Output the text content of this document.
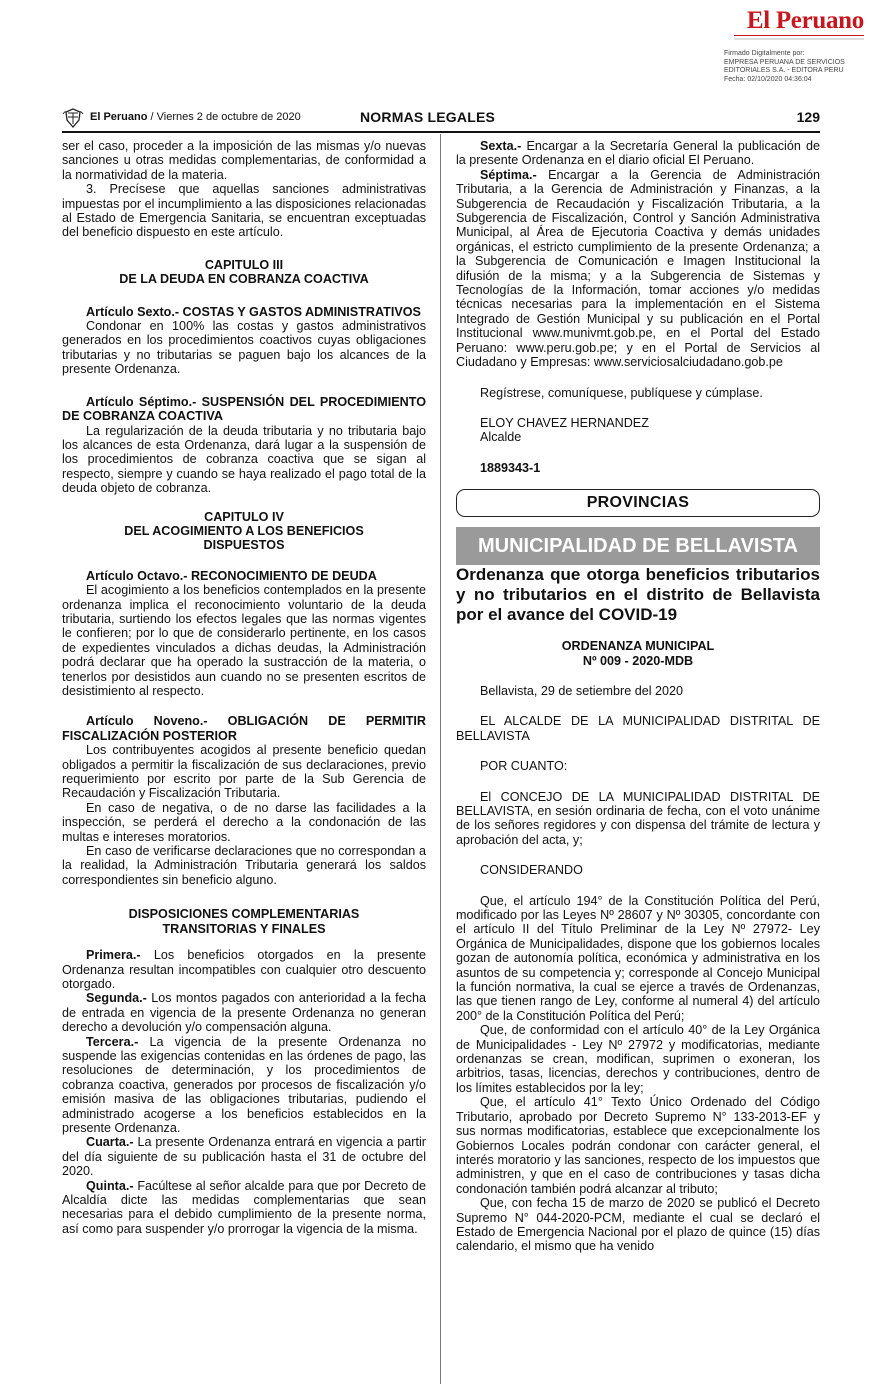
El Peruano
Firmado Digitalmente por:
EMPRESA PERUANA DE SERVICIOS
EDITORIALES S.A. - EDITORA PERU
Fecha: 02/10/2020 04:36:04
El Peruano / Viernes 2 de octubre de 2020	NORMAS LEGALES	129

ser el caso, proceder a la imposición de las mismas y/o nuevas sanciones u otras medidas complementarias, de conformidad a la normatividad de la materia.

3. Precísese que aquellas sanciones administrativas impuestas por el incumplimiento a las disposiciones relacionadas al Estado de Emergencia Sanitaria, se encuentran exceptuadas del beneficio dispuesto en este artículo.

CAPITULO III

DE LA DEUDA EN COBRANZA COACTIVA

Artículo Sexto.- COSTAS Y GASTOS ADMINISTRATIVOS

Condonar en 100% las costas y gastos administrativos generados en los procedimientos coactivos cuyas obligaciones tributarias y no tributarias se paguen bajo los alcances de la presente Ordenanza.

Artículo Séptimo.- SUSPENSIÓN DEL PROCEDIMIENTO DE COBRANZA COACTIVA

La regularización de la deuda tributaria y no tributaria bajo los alcances de esta Ordenanza, dará lugar a la suspensión de los procedimientos de cobranza coactiva que se sigan al respecto, siempre y cuando se haya realizado el pago total de la deuda objeto de cobranza.

CAPITULO IV

DEL ACOGIMIENTO A LOS BENEFICIOS DISPUESTOS

Artículo Octavo.- RECONOCIMIENTO DE DEUDA

El acogimiento a los beneficios contemplados en la presente ordenanza implica el reconocimiento voluntario de la deuda tributaria, surtiendo los efectos legales que las normas vigentes le confieren; por lo que de considerarlo pertinente, en los casos de expedientes vinculados a dichas deudas, la Administración podrá declarar que ha operado la sustracción de la materia, o tenerlos por desistidos aun cuando no se presenten escritos de desistimiento al respecto.

Artículo Noveno.- OBLIGACIÓN DE PERMITIR FISCALIZACIÓN POSTERIOR

Los contribuyentes acogidos al presente beneficio quedan obligados a permitir la fiscalización de sus declaraciones, previo requerimiento por escrito por parte de la Sub Gerencia de Recaudación y Fiscalización Tributaria.

En caso de negativa, o de no darse las facilidades a la inspección, se perderá el derecho a la condonación de las multas e intereses moratorios.

En caso de verificarse declaraciones que no correspondan a la realidad, la Administración Tributaria generará los saldos correspondientes sin beneficio alguno.

DISPOSICIONES COMPLEMENTARIAS

TRANSITORIAS Y FINALES

Primera.- Los beneficios otorgados en la presente Ordenanza resultan incompatibles con cualquier otro descuento otorgado.

Segunda.- Los montos pagados con anterioridad a la fecha de entrada en vigencia de la presente Ordenanza no generan derecho a devolución y/o compensación alguna.

Tercera.- La vigencia de la presente Ordenanza no suspende las exigencias contenidas en las órdenes de pago, las resoluciones de determinación, y los procedimientos de cobranza coactiva, generados por procesos de fiscalización y/o emisión masiva de las obligaciones tributarias, pudiendo el administrado acogerse a los beneficios establecidos en la presente Ordenanza.

Cuarta.- La presente Ordenanza entrará en vigencia a partir del día siguiente de su publicación hasta el 31 de octubre del 2020.

Quinta.- Facúltese al señor alcalde para que por Decreto de Alcaldía dicte las medidas complementarias que sean necesarias para el debido cumplimiento de la presente norma, así como para suspender y/o prorrogar la vigencia de la misma.

Sexta.- Encargar a la Secretaría General la publicación de la presente Ordenanza en el diario oficial El Peruano.

Séptima.- Encargar a la Gerencia de Administración Tributaria, a la Gerencia de Administración y Finanzas, a la Subgerencia de Recaudación y Fiscalización Tributaria, a la Subgerencia de Fiscalización, Control y Sanción Administrativa Municipal, al Área de Ejecutoria Coactiva y demás unidades orgánicas, el estricto cumplimiento de la presente Ordenanza; a la Subgerencia de Comunicación e Imagen Institucional la difusión de la misma; y a la Subgerencia de Sistemas y Tecnologías de la Información, tomar acciones y/o medidas técnicas necesarias para la implementación en el Sistema Integrado de Gestión Municipal y su publicación en el Portal Institucional www.munivmt.gob.pe, en el Portal del Estado Peruano: www.peru.gob.pe; y en el Portal de Servicios al Ciudadano y Empresas: www.serviciosalciudadano.gob.pe

Regístrese, comuníquese, publíquese y cúmplase.

ELOY CHAVEZ HERNANDEZ

Alcalde

1889343-1

PROVINCIAS
MUNICIPALIDAD DE BELLAVISTA

Ordenanza que otorga beneficios tributarios y no tributarios en el distrito de Bellavista por el avance del COVID-19

ORDENANZA MUNICIPAL

Nº 009 - 2020-MDB

Bellavista, 29 de setiembre del 2020

EL ALCALDE DE LA MUNICIPALIDAD DISTRITAL DE BELLAVISTA

POR CUANTO:

El CONCEJO DE LA MUNICIPALIDAD DISTRITAL DE BELLAVISTA, en sesión ordinaria de fecha, con el voto unánime de los señores regidores y con dispensa del trámite de lectura y aprobación del acta, y;

CONSIDERANDO

Que, el artículo 194° de la Constitución Política del Perú, modificado por las Leyes Nº 28607 y Nº 30305, concordante con el artículo II del Título Preliminar de la Ley Nº 27972- Ley Orgánica de Municipalidades, dispone que los gobiernos locales gozan de autonomía política, económica y administrativa en los asuntos de su competencia y; corresponde al Concejo Municipal la función normativa, la cual se ejerce a través de Ordenanzas, las que tienen rango de Ley, conforme al numeral 4) del artículo 200° de la Constitución Política del Perú;

Que, de conformidad con el artículo 40° de la Ley Orgánica de Municipalidades - Ley Nº 27972 y modificatorias, mediante ordenanzas se crean, modifican, suprimen o exoneran, los arbitrios, tasas, licencias, derechos y contribuciones, dentro de los límites establecidos por la ley;

Que, el artículo 41° Texto Único Ordenado del Código Tributario, aprobado por Decreto Supremo N° 133-2013-EF y sus normas modificatorias, establece que excepcionalmente los Gobiernos Locales podrán condonar con carácter general, el interés moratorio y las sanciones, respecto de los impuestos que administren, y que en el caso de contribuciones y tasas dicha condonación también podrá alcanzar al tributo;

Que, con fecha 15 de marzo de 2020 se publicó el Decreto Supremo N° 044-2020-PCM, mediante el cual se declaró el Estado de Emergencia Nacional por el plazo de quince (15) días calendario, el mismo que ha venido
